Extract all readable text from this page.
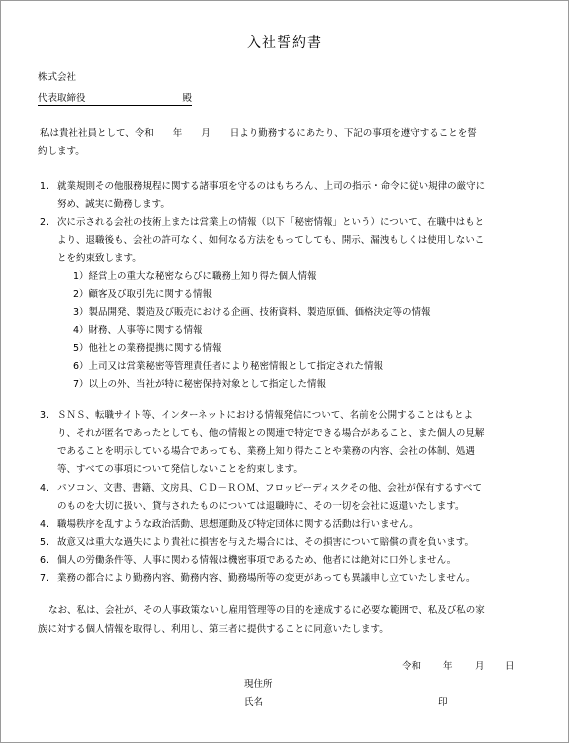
入社誓約書
株式会社
代表取締役	殿
私は貴社社員として、令和　　年　　月　　日より勤務するにあたり、下記の事項を遵守することを誓
約します。
1. 就業規則その他服務規程に関する諸事項を守るのはもちろん、上司の指示・命令に従い規律の厳守に
努め、誠実に勤務します。
2. 次に示される会社の技術上または営業上の情報（以下「秘密情報」という）について、在職中はもと
より、退職後も、会社の許可なく、如何なる方法をもってしても、開示、漏洩もしくは使用しないこ
とを約束致します。
1）経営上の重大な秘密ならびに職務上知り得た個人情報
2）顧客及び取引先に関する情報
3）製品開発、製造及び販売における企画、技術資料、製造原価、価格決定等の情報
4）財務、人事等に関する情報
5）他社との業務提携に関する情報
6）上司又は営業秘密等管理責任者により秘密情報として指定された情報
7）以上の外、当社が特に秘密保持対象として指定した情報
3. ＳＮＳ、転職サイト等、インターネットにおける情報発信について、名前を公開することはもとよ
り、それが匿名であったとしても、他の情報との関連で特定できる場合があること、また個人の見解
であることを明示している場合であっても、業務上知り得たことや業務の内容、会社の体制、処遇
等、すべての事項について発信しないことを約束します。
4. パソコン、文書、書籍、文房具、ＣＤ－ＲＯＭ、フロッピーディスクその他、会社が保有するすべて
のものを大切に扱い、貸与されたものについては退職時に、その一切を会社に返還いたします。
4. 職場秩序を乱すような政治活動、思想運動及び特定団体に関する活動は行いません。
5. 故意又は重大な過失により貴社に損害を与えた場合には、その損害について賠償の責を負います。
6. 個人の労働条件等、人事に関わる情報は機密事項であるため、他者には絶対に口外しません。
7. 業務の都合により勤務内容、勤務内容、勤務場所等の変更があっても異議申し立ていたしません。
なお、私は、会社が、その人事政策ないし雇用管理等の目的を達成するに必要な範囲で、私及び私の家
族に対する個人情報を取得し、利用し、第三者に提供することに同意いたします。
令和 年 月 日
現住所
氏名	印
